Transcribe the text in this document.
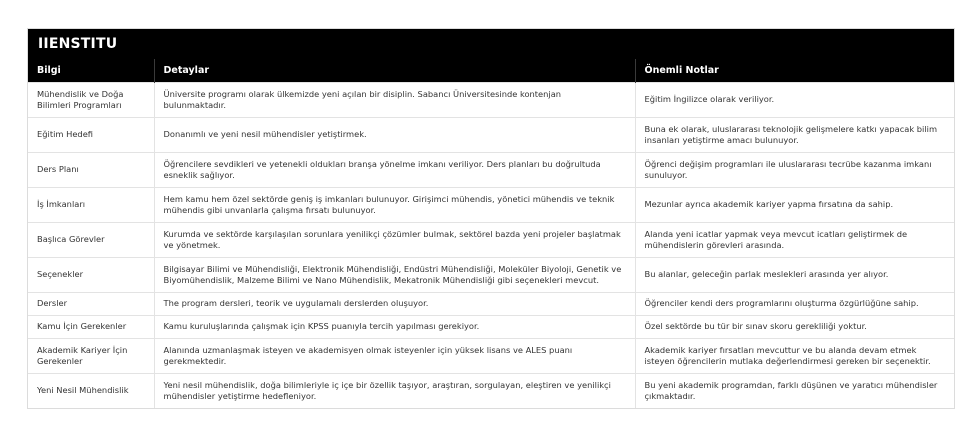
IIENSTITU
Bilgi	Detaylar	Önemli Notlar
Mühendislik ve Doğa Bilimleri Programları	Üniversite programı olarak ülkemizde yeni açılan bir disiplin. Sabancı Üniversitesinde kontenjan bulunmaktadır.	Eğitim İngilizce olarak veriliyor.
Eğitim Hedefi	Donanımlı ve yeni nesil mühendisler yetiştirmek.	Buna ek olarak, uluslararası teknolojik gelişmelere katkı yapacak bilim insanları yetiştirme amacı bulunuyor.
Ders Planı	Öğrencilere sevdikleri ve yetenekli oldukları branşa yönelme imkanı veriliyor. Ders planları bu doğrultuda esneklik sağlıyor.	Öğrenci değişim programları ile uluslararası tecrübe kazanma imkanı sunuluyor.
İş İmkanları	Hem kamu hem özel sektörde geniş iş imkanları bulunuyor. Girişimci mühendis, yönetici mühendis ve teknik mühendis gibi unvanlarla çalışma fırsatı bulunuyor.	Mezunlar ayrıca akademik kariyer yapma fırsatına da sahip.
Başlıca Görevler	Kurumda ve sektörde karşılaşılan sorunlara yenilikçi çözümler bulmak, sektörel bazda yeni projeler başlatmak ve yönetmek.	Alanda yeni icatlar yapmak veya mevcut icatları geliştirmek de mühendislerin görevleri arasında.
Seçenekler	Bilgisayar Bilimi ve Mühendisliği, Elektronik Mühendisliği, Endüstri Mühendisliği, Moleküler Biyoloji, Genetik ve Biyomühendislik, Malzeme Bilimi ve Nano Mühendislik, Mekatronik Mühendisliği gibi seçenekleri mevcut.	Bu alanlar, geleceğin parlak meslekleri arasında yer alıyor.
Dersler	The program dersleri, teorik ve uygulamalı derslerden oluşuyor.	Öğrenciler kendi ders programlarını oluşturma özgürlüğüne sahip.
Kamu İçin Gerekenler	Kamu kuruluşlarında çalışmak için KPSS puanıyla tercih yapılması gerekiyor.	Özel sektörde bu tür bir sınav skoru gerekliliği yoktur.
Akademik Kariyer İçin Gerekenler	Alanında uzmanlaşmak isteyen ve akademisyen olmak isteyenler için yüksek lisans ve ALES puanı gerekmektedir.	Akademik kariyer fırsatları mevcuttur ve bu alanda devam etmek isteyen öğrencilerin mutlaka değerlendirmesi gereken bir seçenektir.
Yeni Nesil Mühendislik	Yeni nesil mühendislik, doğa bilimleriyle iç içe bir özellik taşıyor, araştıran, sorgulayan, eleştiren ve yenilikçi mühendisler yetiştirme hedefleniyor.	Bu yeni akademik programdan, farklı düşünen ve yaratıcı mühendisler çıkmaktadır.
